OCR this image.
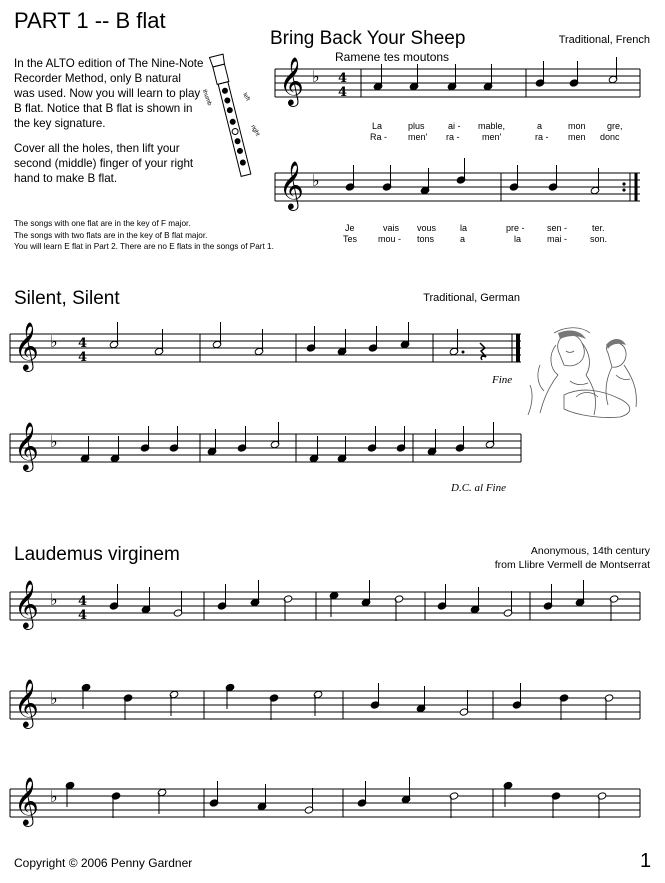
PART 1 -- B flat

In the ALTO edition of The Nine-Note Recorder Method, only B natural was used. Now you will learn to play B flat. Notice that B flat is shown in the key signature.

Cover all the holes, then lift your second (middle) finger of your right hand to make B flat.

The songs with one flat are in the key of F major.
The songs with two flats are in the key of B flat major.
You will learn E flat in Part 2. There are no E flats in the songs of Part 1.
thumb	left
right
Bring Back Your Sheep	Traditional, French
Ramene tes moutons
La	plus	ai - mable,	a	mon gre,
Ra - men' ra -	men'	ra - men donc
Je	vais vous	la	pre - sen -	ter.
Tes mou - tons	a	la	mai -	son.
Silent, Silent	Traditional, German
Fine
D.C. al Fine
Laudemus virginem	Anonymous, 14th century
from Llibre Vermell de Montserrat
Copyright © 2006 Penny Gardner	1
𝄞 ♭ 4
4
𝄞 ♭
𝄞 ♭ 4
4
𝄞 ♭
𝄞 ♭ 4
4
𝄞 ♭
𝄞 ♭
